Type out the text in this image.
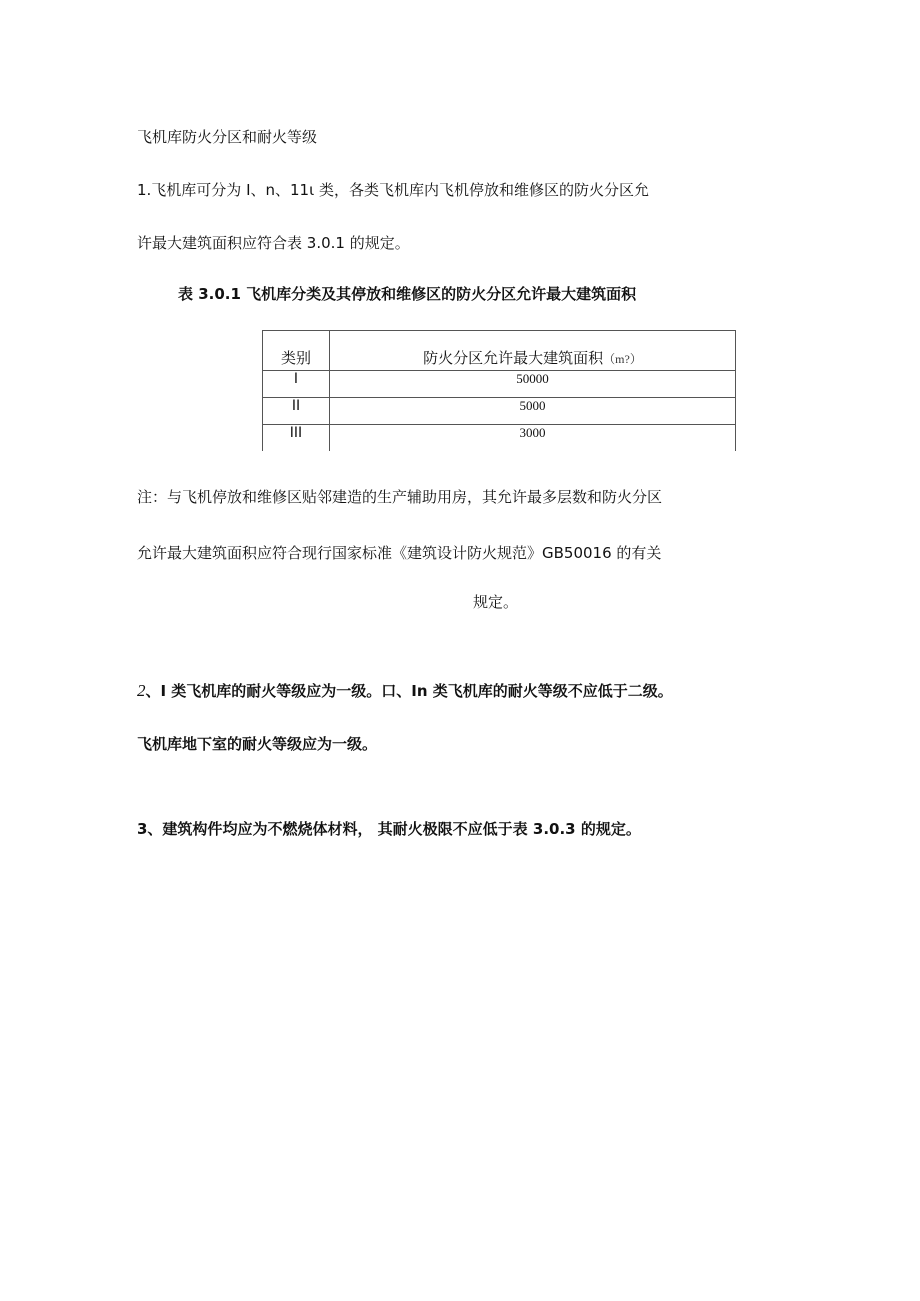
飞机库防火分区和耐火等级
1.飞机库可分为 I、n、11ι 类，各类飞机库内飞机停放和维修区的防火分区允
许最大建筑面积应符合表 3.0.1 的规定。
表 3.0.1 飞机库分类及其停放和维修区的防火分区允许最大建筑面积
类别	防火分区允许最大建筑面积（m?）
I	50000
II	5000
III	3000
注：与飞机停放和维修区贴邻建造的生产辅助用房，其允许最多层数和防火分区
允许最大建筑面积应符合现行国家标准《建筑设计防火规范》GB50016 的有关
规定。
2、I 类飞机库的耐火等级应为一级。口、In 类飞机库的耐火等级不应低于二级。
飞机库地下室的耐火等级应为一级。
3、建筑构件均应为不燃烧体材料， 其耐火极限不应低于表 3.0.3 的规定。
